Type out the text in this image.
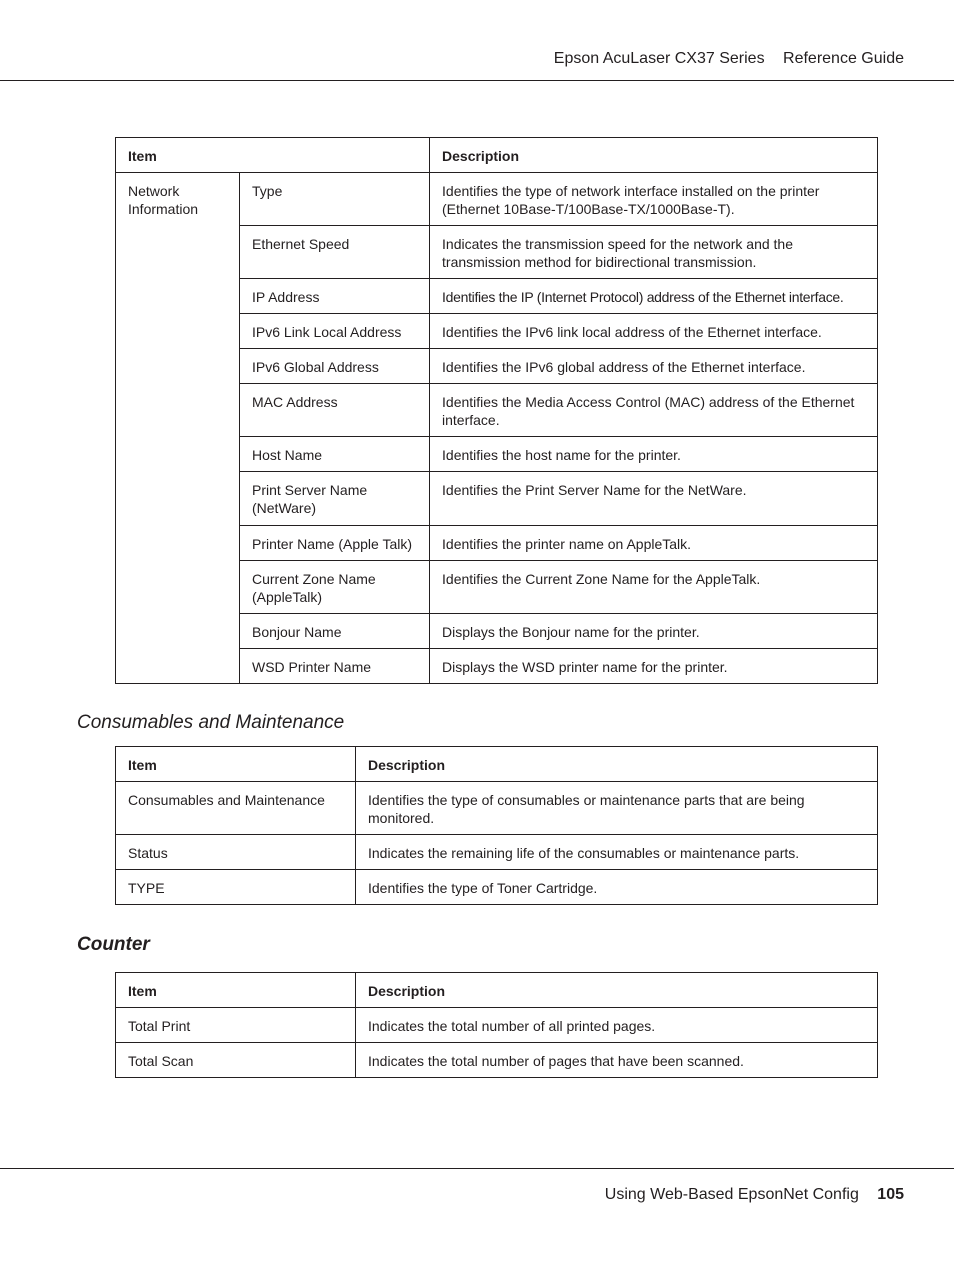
Epson AcuLaser CX37 Series Reference Guide
Item		Description
Network Information	Type	Identifies the type of network interface installed on the printer (Ethernet 10Base-T/100Base-TX/1000Base-T).
	Ethernet Speed	Indicates the transmission speed for the network and the transmission method for bidirectional transmission.
	IP Address	Identifies the IP (Internet Protocol) address of the Ethernet interface.
	IPv6 Link Local Address	Identifies the IPv6 link local address of the Ethernet interface.
	IPv6 Global Address	Identifies the IPv6 global address of the Ethernet interface.
	MAC Address	Identifies the Media Access Control (MAC) address of the Ethernet interface.
	Host Name	Identifies the host name for the printer.
	Print Server Name (NetWare)	Identifies the Print Server Name for the NetWare.
	Printer Name (Apple Talk)	Identifies the printer name on AppleTalk.
	Current Zone Name (AppleTalk)	Identifies the Current Zone Name for the AppleTalk.
	Bonjour Name	Displays the Bonjour name for the printer.
	WSD Printer Name	Displays the WSD printer name for the printer.
Consumables and Maintenance
Item	Description
Consumables and Maintenance	Identifies the type of consumables or maintenance parts that are being monitored.
Status	Indicates the remaining life of the consumables or maintenance parts.
TYPE	Identifies the type of Toner Cartridge.
Counter
Item	Description
Total Print	Indicates the total number of all printed pages.
Total Scan	Indicates the total number of pages that have been scanned.
Using Web-Based EpsonNet Config 105
